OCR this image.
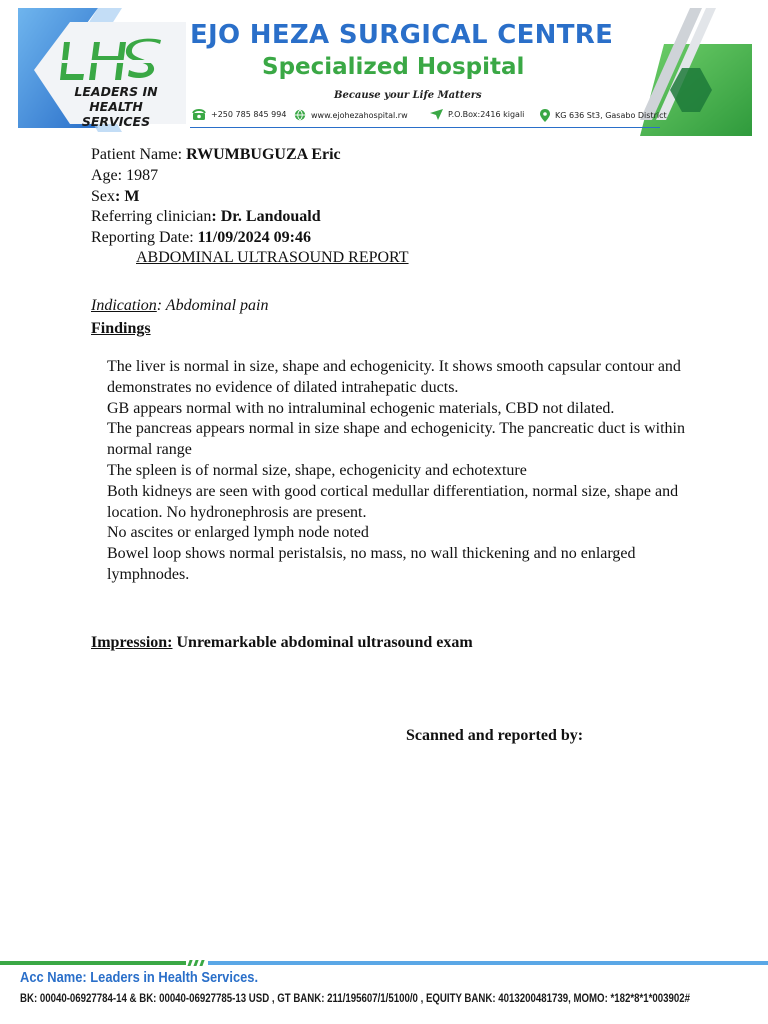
LEADERS IN HEALTH
SERVICES
EJO HEZA SURGICAL CENTRE
Specialized Hospital
Because your Life Matters
+250 785 845 994	www.ejohezahospital.rw	P.O.Box:2416 kigali	KG 636 St3, Gasabo District
Patient Name: RWUMBUGUZA Eric
Age: 1987
Sex: M
Referring clinician: Dr. Landouald
Reporting Date: 11/09/2024 09:46
ABDOMINAL ULTRASOUND REPORT
Indication: Abdominal pain
Findings

The liver is normal in size, shape and echogenicity. It shows smooth capsular contour and demonstrates no evidence of dilated intrahepatic ducts.

GB appears normal with no intraluminal echogenic materials, CBD not dilated.

The pancreas appears normal in size shape and echogenicity. The pancreatic duct is within normal range

The spleen is of normal size, shape, echogenicity and echotexture

Both kidneys are seen with good cortical medullar differentiation, normal size, shape and location. No hydronephrosis are present.

No ascites or enlarged lymph node noted

Bowel loop shows normal peristalsis, no mass, no wall thickening and no enlarged lymphnodes.

Impression: Unremarkable abdominal ultrasound exam
Scanned and reported by:
Acc Name: Leaders in Health Services.
BK: 00040-06927784-14 & BK: 00040-06927785-13 USD , GT BANK: 211/195607/1/5100/0 , EQUITY BANK: 4013200481739, MOMO: *182*8*1*003902#
